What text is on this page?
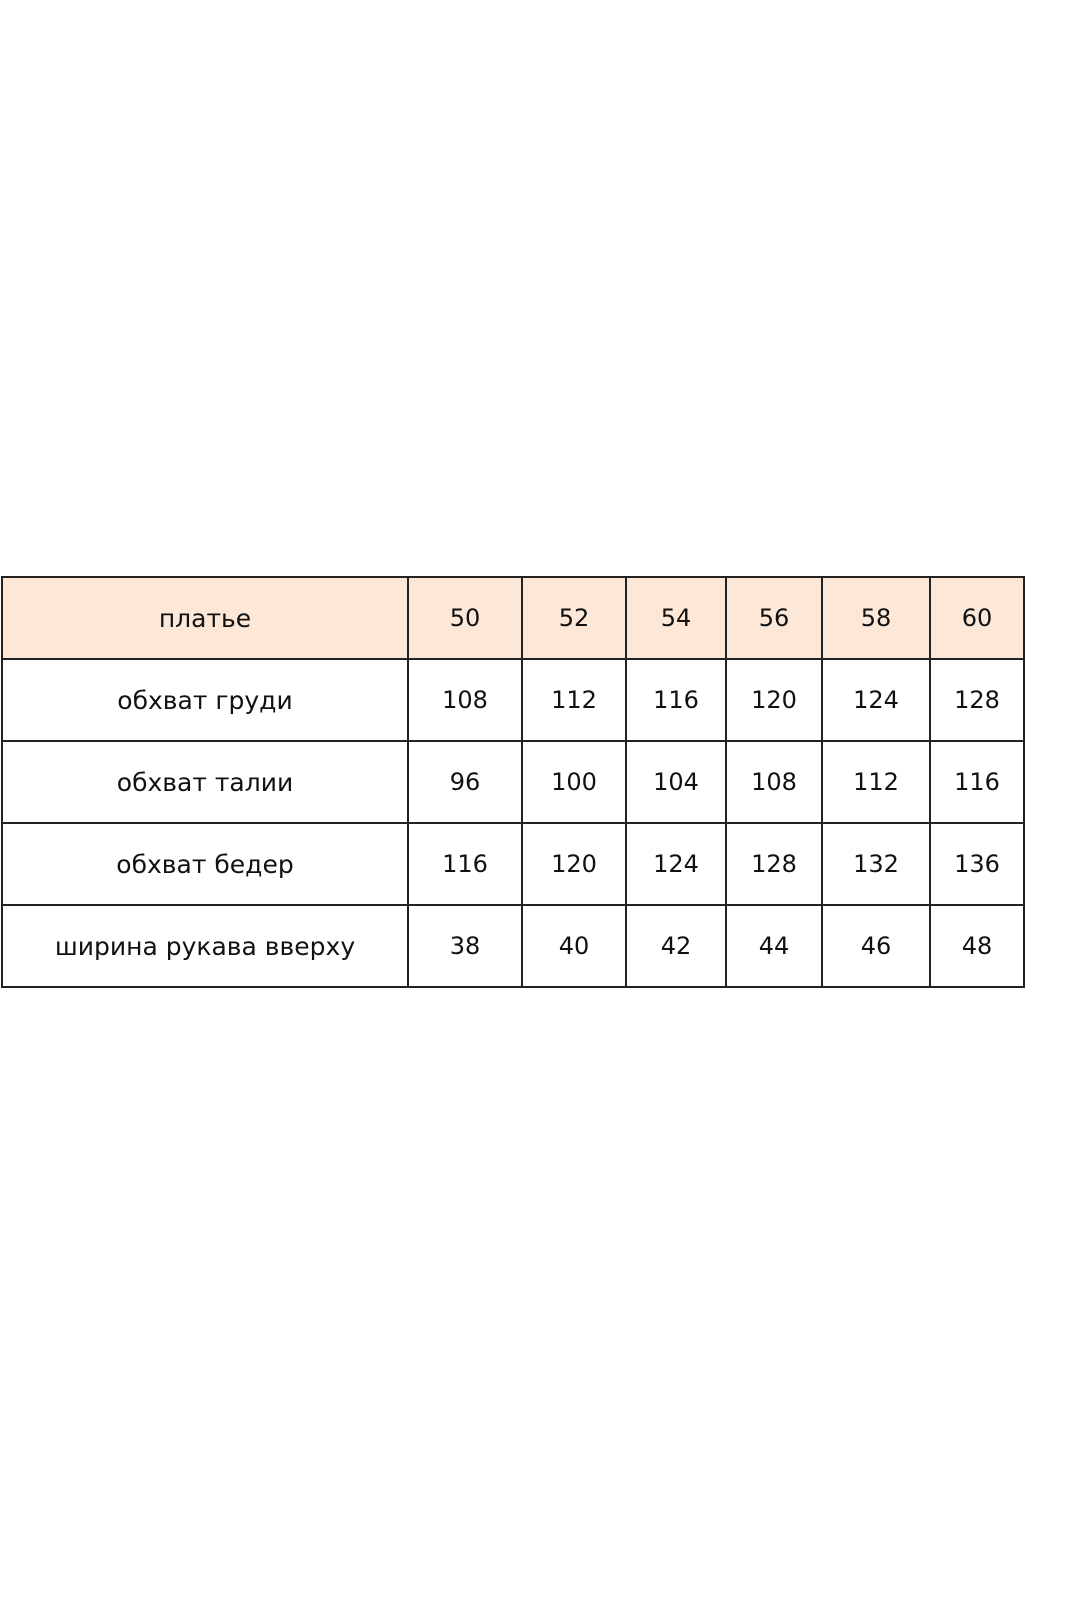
платье	50	52	54	56	58	60
обхват груди	108	112	116	120	124	128
обхват талии	96	100	104	108	112	116
обхват бедер	116	120	124	128	132	136
ширина рукава вверху	38	40	42	44	46	48
